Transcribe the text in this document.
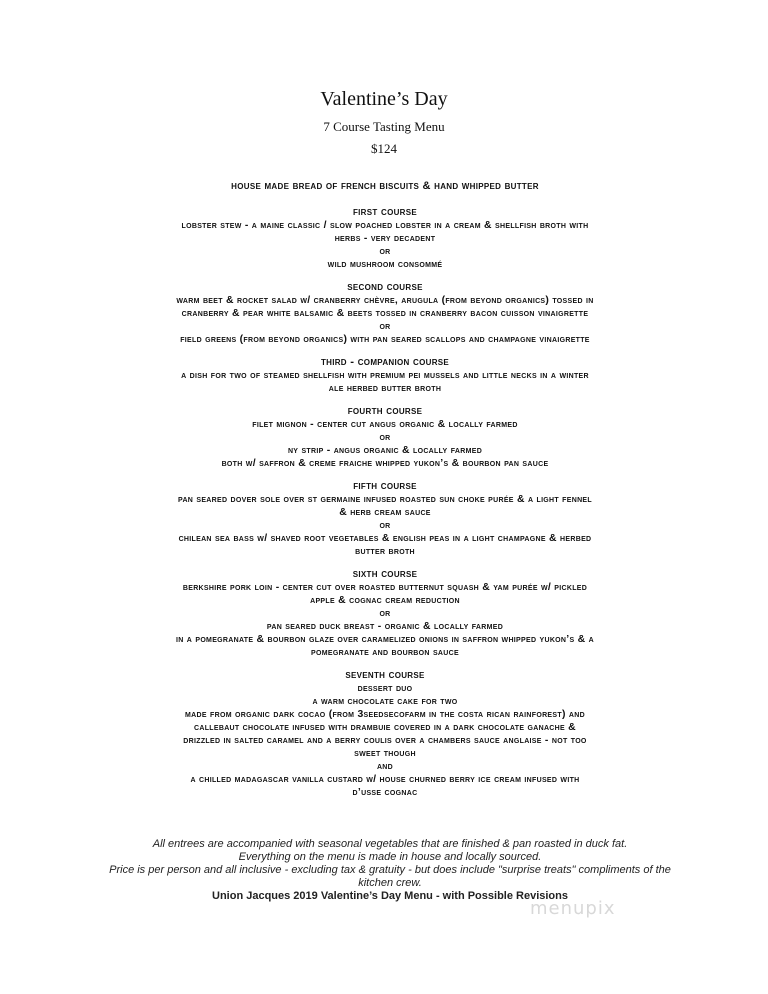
Valentine’s Day
7 Course Tasting Menu
$124
house made bread of french biscuits & hand whipped butter
first course
lobster stew - a maine classic / slow poached lobster in a cream & shellfish broth with
herbs - very decadent
or
wild mushroom consommé
second course
warm beet & rocket salad w/ cranberry chèvre, arugula (from beyond organics) tossed in
cranberry & pear white balsamic & beets tossed in cranberry bacon cuisson vinaigrette
or
field greens (from beyond organics) with pan seared scallops and champagne vinaigrette
third - companion course
a dish for two of steamed shellfish with premium pei mussels and little necks in a winter
ale herbed butter broth
fourth course
filet mignon - center cut angus organic & locally farmed
or
ny strip - angus organic & locally farmed
both w/ saffron & creme fraiche whipped yukon’s & bourbon pan sauce
fifth course
pan seared dover sole over st germaine infused roasted sun choke purée & a light fennel
& herb cream sauce
or
chilean sea bass w/ shaved root vegetables & english peas in a light champagne & herbed
butter broth
sixth course
berkshire pork loin - center cut over roasted butternut squash & yam purée w/ pickled
apple & cognac cream reduction
or
pan seared duck breast - organic & locally farmed
in a pomegranate & bourbon glaze over caramelized onions in saffron whipped yukon’s & a
pomegranate and bourbon sauce
seventh course
dessert duo
a warm chocolate cake for two
made from organic dark cocao (from 3seedsecofarm in the costa rican rainforest) and
callebaut chocolate infused with drambuie covered in a dark chocolate ganache &
drizzled in salted caramel and a berry coulis over a chambers sauce anglaise - not too
sweet though
and
a chilled madagascar vanilla custard w/ house churned berry ice cream infused with
d’usse cognac
All entrees are accompanied with seasonal vegetables that are finished & pan roasted in duck fat.
Everything on the menu is made in house and locally sourced.
Price is per person and all inclusive - excluding tax & gratuity - but does include "surprise treats" compliments of the
kitchen crew.
Union Jacques 2019 Valentine’s Day Menu - with Possible Revisions
menupix
